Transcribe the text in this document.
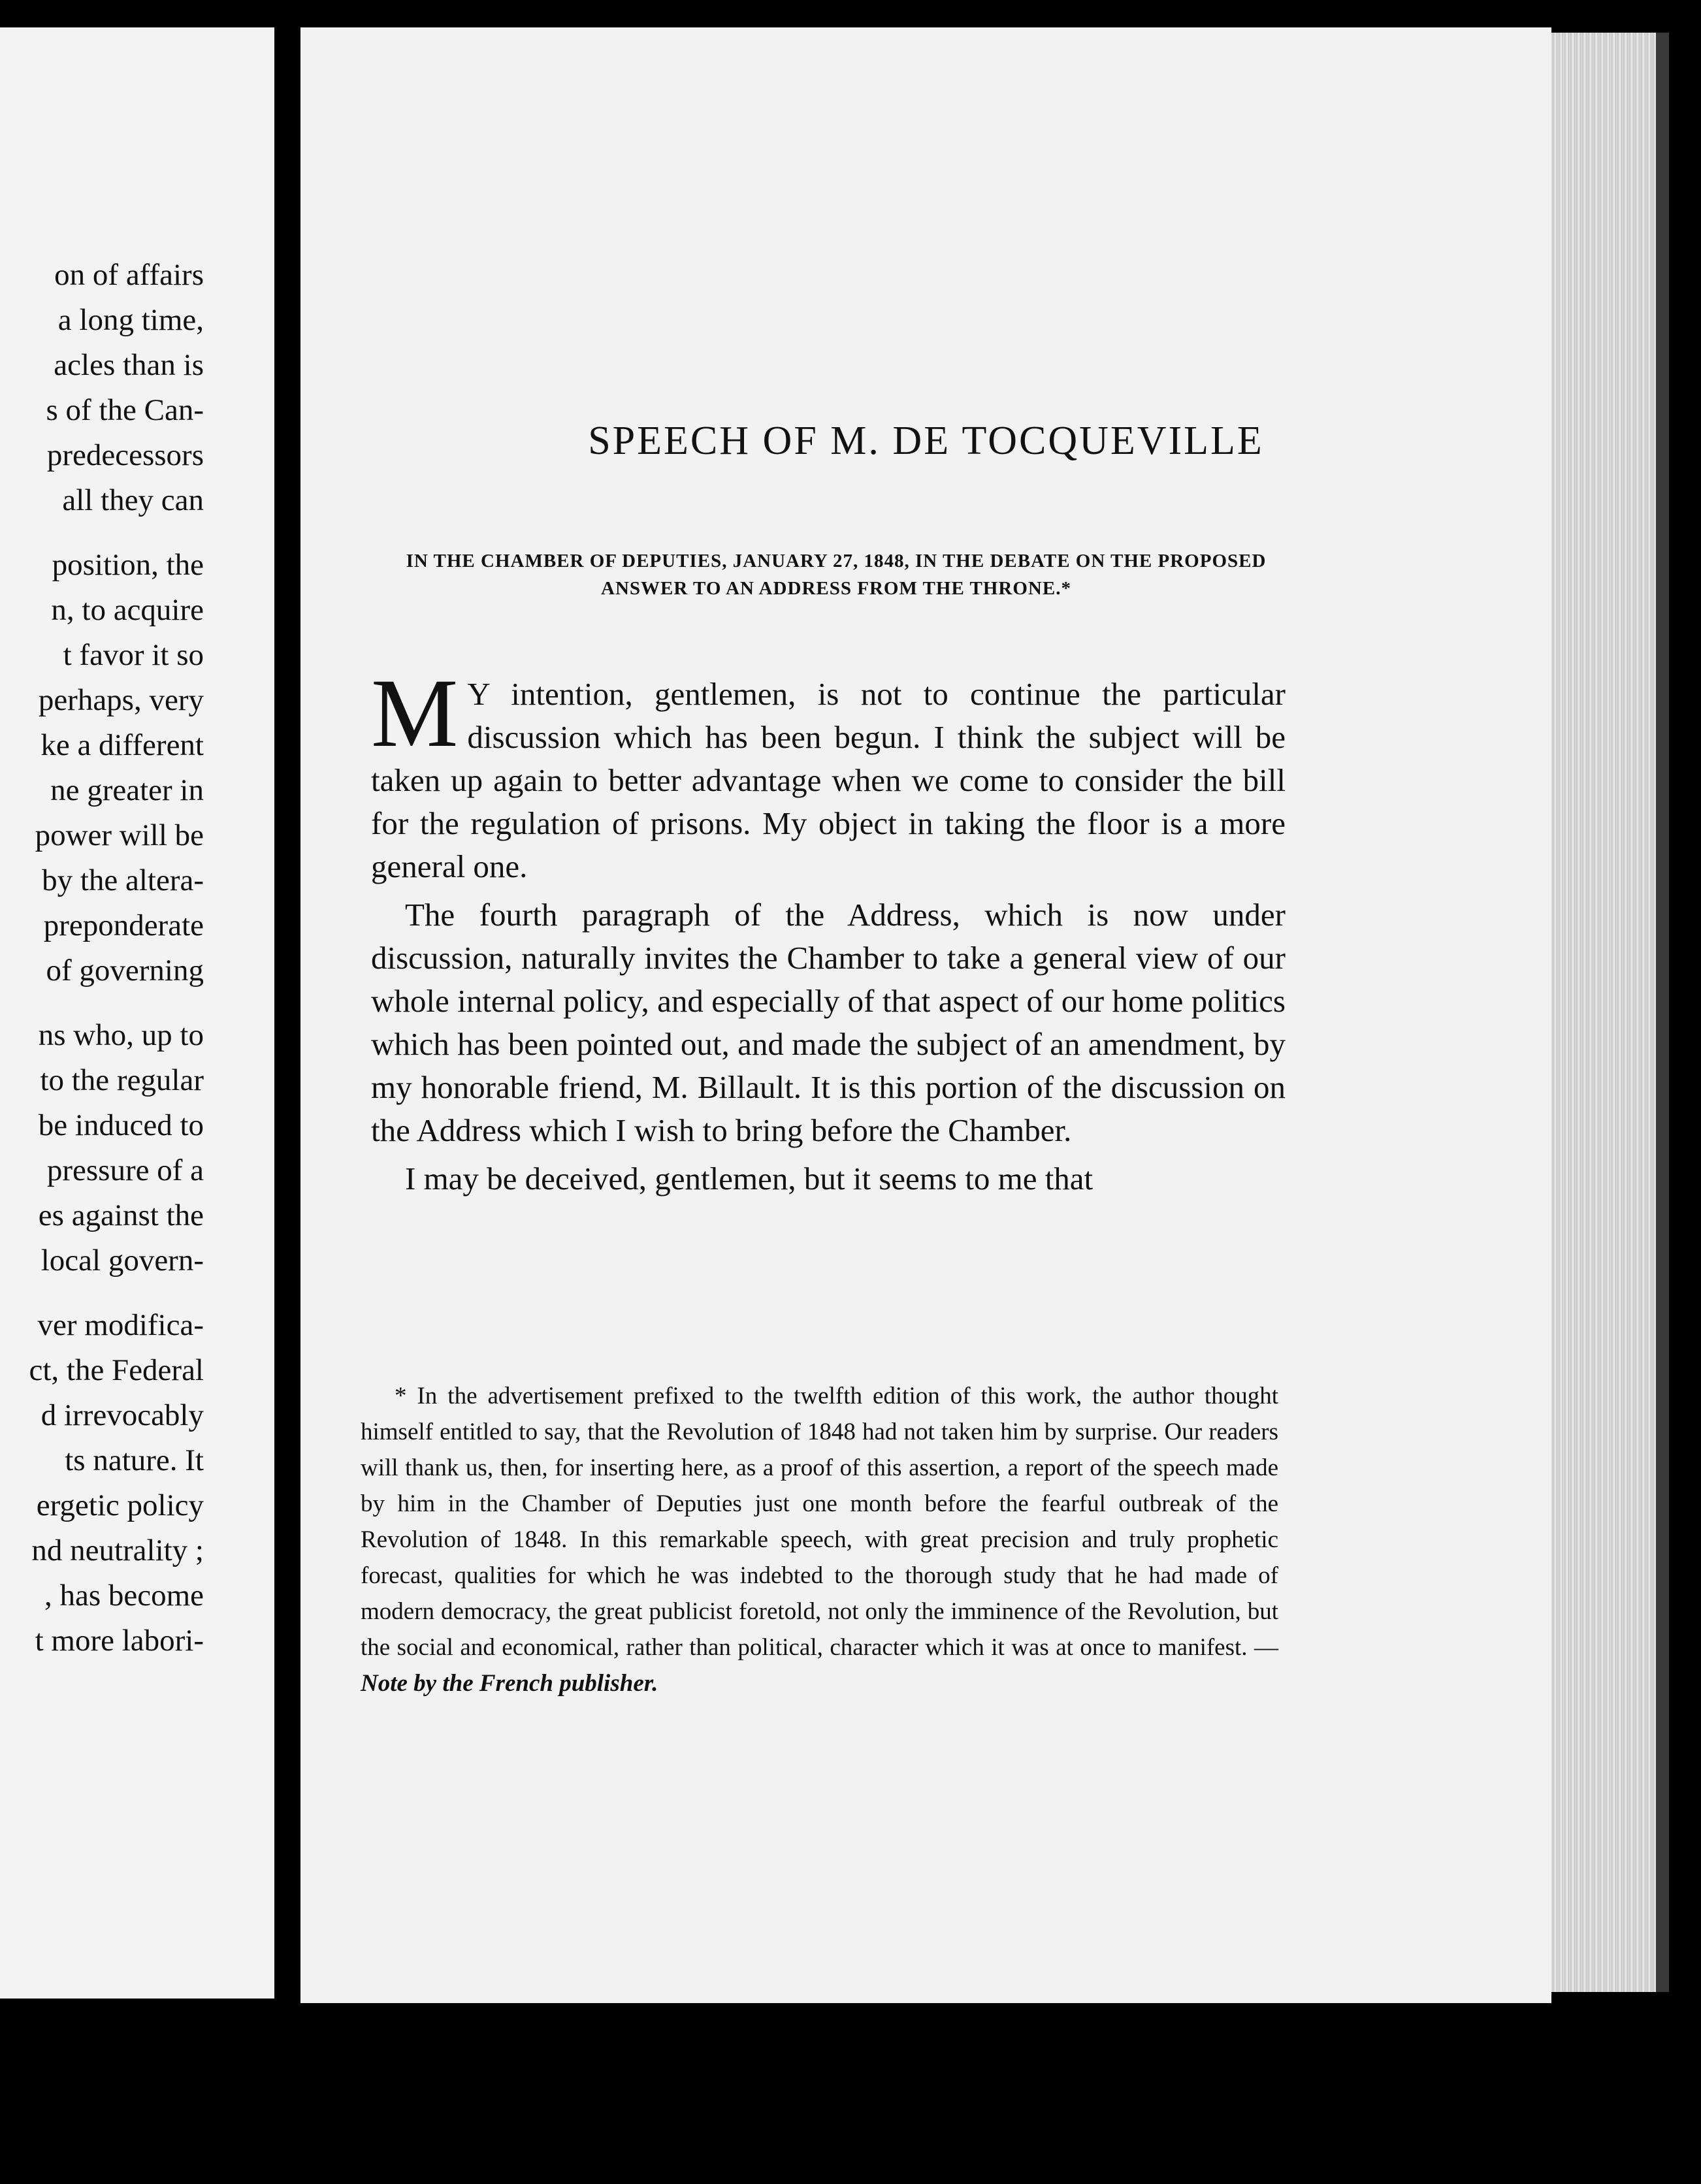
on of affairs
a long time,
acles than is
s of the Can-
predecessors
all they can
position, the
n, to acquire
t favor it so
perhaps, very
ke a different
ne greater in
power will be
by the altera-
preponderate
of governing
ns who, up to
to the regular
be induced to
pressure of a
es against the
local govern-
ver modifica-
ct, the Federal
d irrevocably
ts nature. It
ergetic policy
nd neutrality ;
, has become
t more labori-
SPEECH OF M. DE TOCQUEVILLE
IN THE CHAMBER OF DEPUTIES, JANUARY 27, 1848, IN THE DEBATE ON THE PROPOSED ANSWER TO AN ADDRESS FROM THE THRONE.*

M Y intention, gentlemen, is not to continue the particular discussion which has been begun. I think the subject will be taken up again to better advantage when we come to consider the bill for the regulation of prisons. My object in taking the floor is a more general one.

The fourth paragraph of the Address, which is now under discussion, naturally invites the Chamber to take a general view of our whole internal policy, and especially of that aspect of our home politics which has been pointed out, and made the subject of an amendment, by my honorable friend, M. Billault. It is this portion of the discussion on the Address which I wish to bring before the Chamber.

I may be deceived, gentlemen, but it seems to me that

* In the advertisement prefixed to the twelfth edition of this work, the author thought himself entitled to say, that the Revolution of 1848 had not taken him by surprise. Our readers will thank us, then, for inserting here, as a proof of this assertion, a report of the speech made by him in the Chamber of Deputies just one month before the fearful outbreak of the Revolution of 1848. In this remarkable speech, with great precision and truly prophetic forecast, qualities for which he was indebted to the thorough study that he had made of modern democracy, the great publicist foretold, not only the imminence of the Revolution, but the social and economical, rather than political, character which it was at once to manifest. — Note by the French publisher.
